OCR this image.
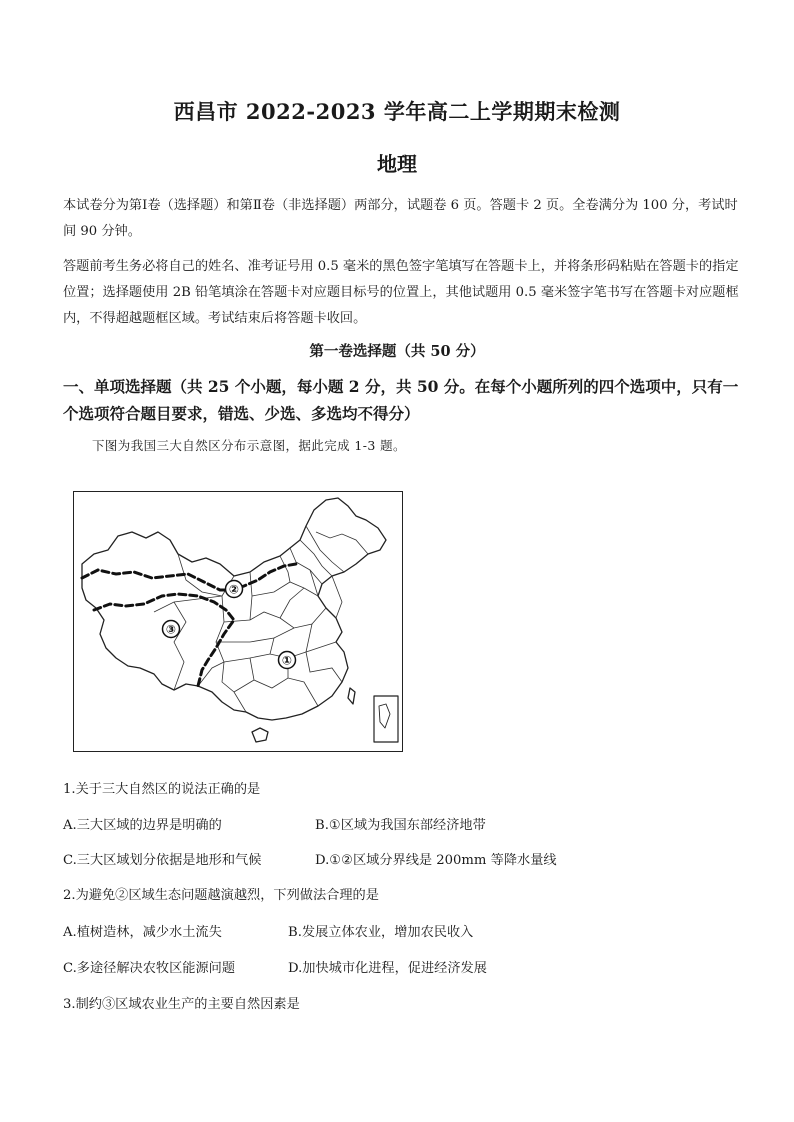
西昌市 2022-2023 学年高二上学期期末检测
地理
本试卷分为第Ⅰ卷（选择题）和第Ⅱ卷（非选择题）两部分，试题卷 6 页。答题卡 2 页。全卷满分为 100 分，考试时间 90 分钟。
答题前考生务必将自己的姓名、准考证号用 0.5 毫米的黑色签字笔填写在答题卡上，并将条形码粘贴在答题卡的指定位置；选择题使用 2B 铅笔填涂在答题卡对应题目标号的位置上，其他试题用 0.5 毫米签字笔书写在答题卡对应题框内，不得超越题框区域。考试结束后将答题卡收回。
第一卷选择题（共 50 分）
一、单项选择题（共 25 个小题，每小题 2 分，共 50 分。在每个小题所列的四个选项中，只有一个选项符合题目要求，错选、少选、多选均不得分）
下图为我国三大自然区分布示意图，据此完成 1-3 题。
②
③
①
1.关于三大自然区的说法正确的是
A.三大区域的边界是明确的	B.①区域为我国东部经济地带
C.三大区域划分依据是地形和气候	D.①②区域分界线是 200mm 等降水量线
2.为避免②区域生态问题越演越烈，下列做法合理的是
A.植树造林，减少水土流失	B.发展立体农业，增加农民收入
C.多途径解决农牧区能源问题	D.加快城市化进程，促进经济发展
3.制约③区域农业生产的主要自然因素是
